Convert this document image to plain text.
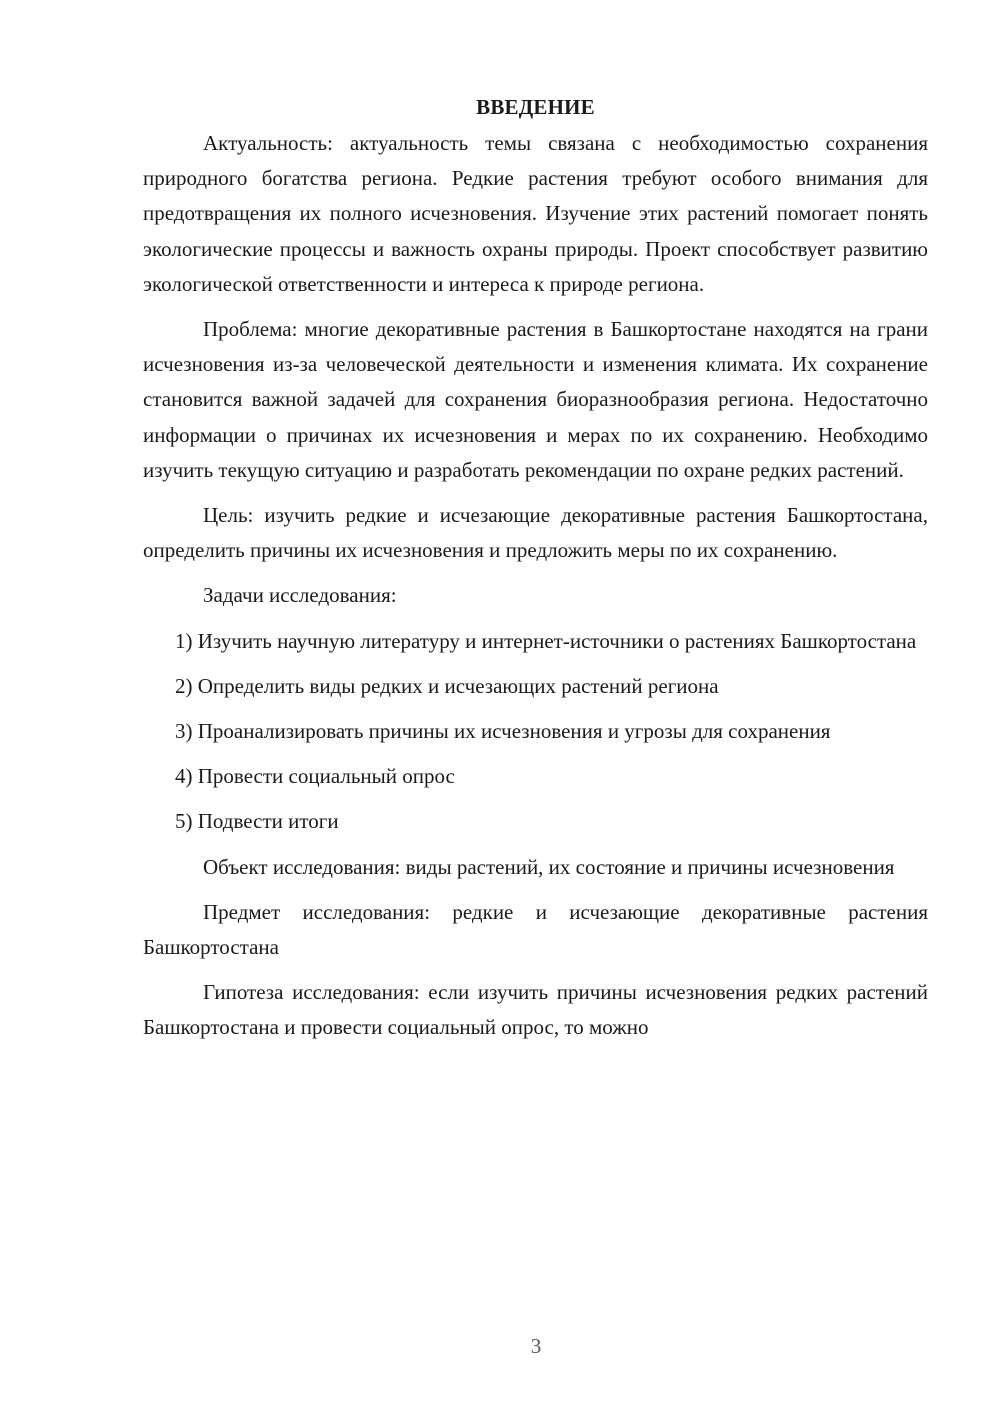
ВВЕДЕНИЕ

Актуальность: актуальность темы связана с необходимостью сохранения природного богатства региона. Редкие растения требуют особого внимания для предотвращения их полного исчезновения. Изучение этих растений помогает понять экологические процессы и важность охраны природы. Проект способствует развитию экологической ответственности и интереса к природе региона.

Проблема: многие декоративные растения в Башкортостане находятся на грани исчезновения из-за человеческой деятельности и изменения климата. Их сохранение становится важной задачей для сохранения биоразнообразия региона. Недостаточно информации о причинах их исчезновения и мерах по их сохранению. Необходимо изучить текущую ситуацию и разработать рекомендации по охране редких растений.

Цель: изучить редкие и исчезающие декоративные растения Башкортостана, определить причины их исчезновения и предложить меры по их сохранению.

Задачи исследования:

1) Изучить научную литературу и интернет-источники о растениях Башкортостана

2) Определить виды редких и исчезающих растений региона

3) Проанализировать причины их исчезновения и угрозы для сохранения

4) Провести социальный опрос

5) Подвести итоги

Объект исследования: виды растений, их состояние и причины исчезновения

Предмет исследования: редкие и исчезающие декоративные растения Башкортостана

Гипотеза исследования: если изучить причины исчезновения редких растений Башкортостана и провести социальный опрос, то можно

3
